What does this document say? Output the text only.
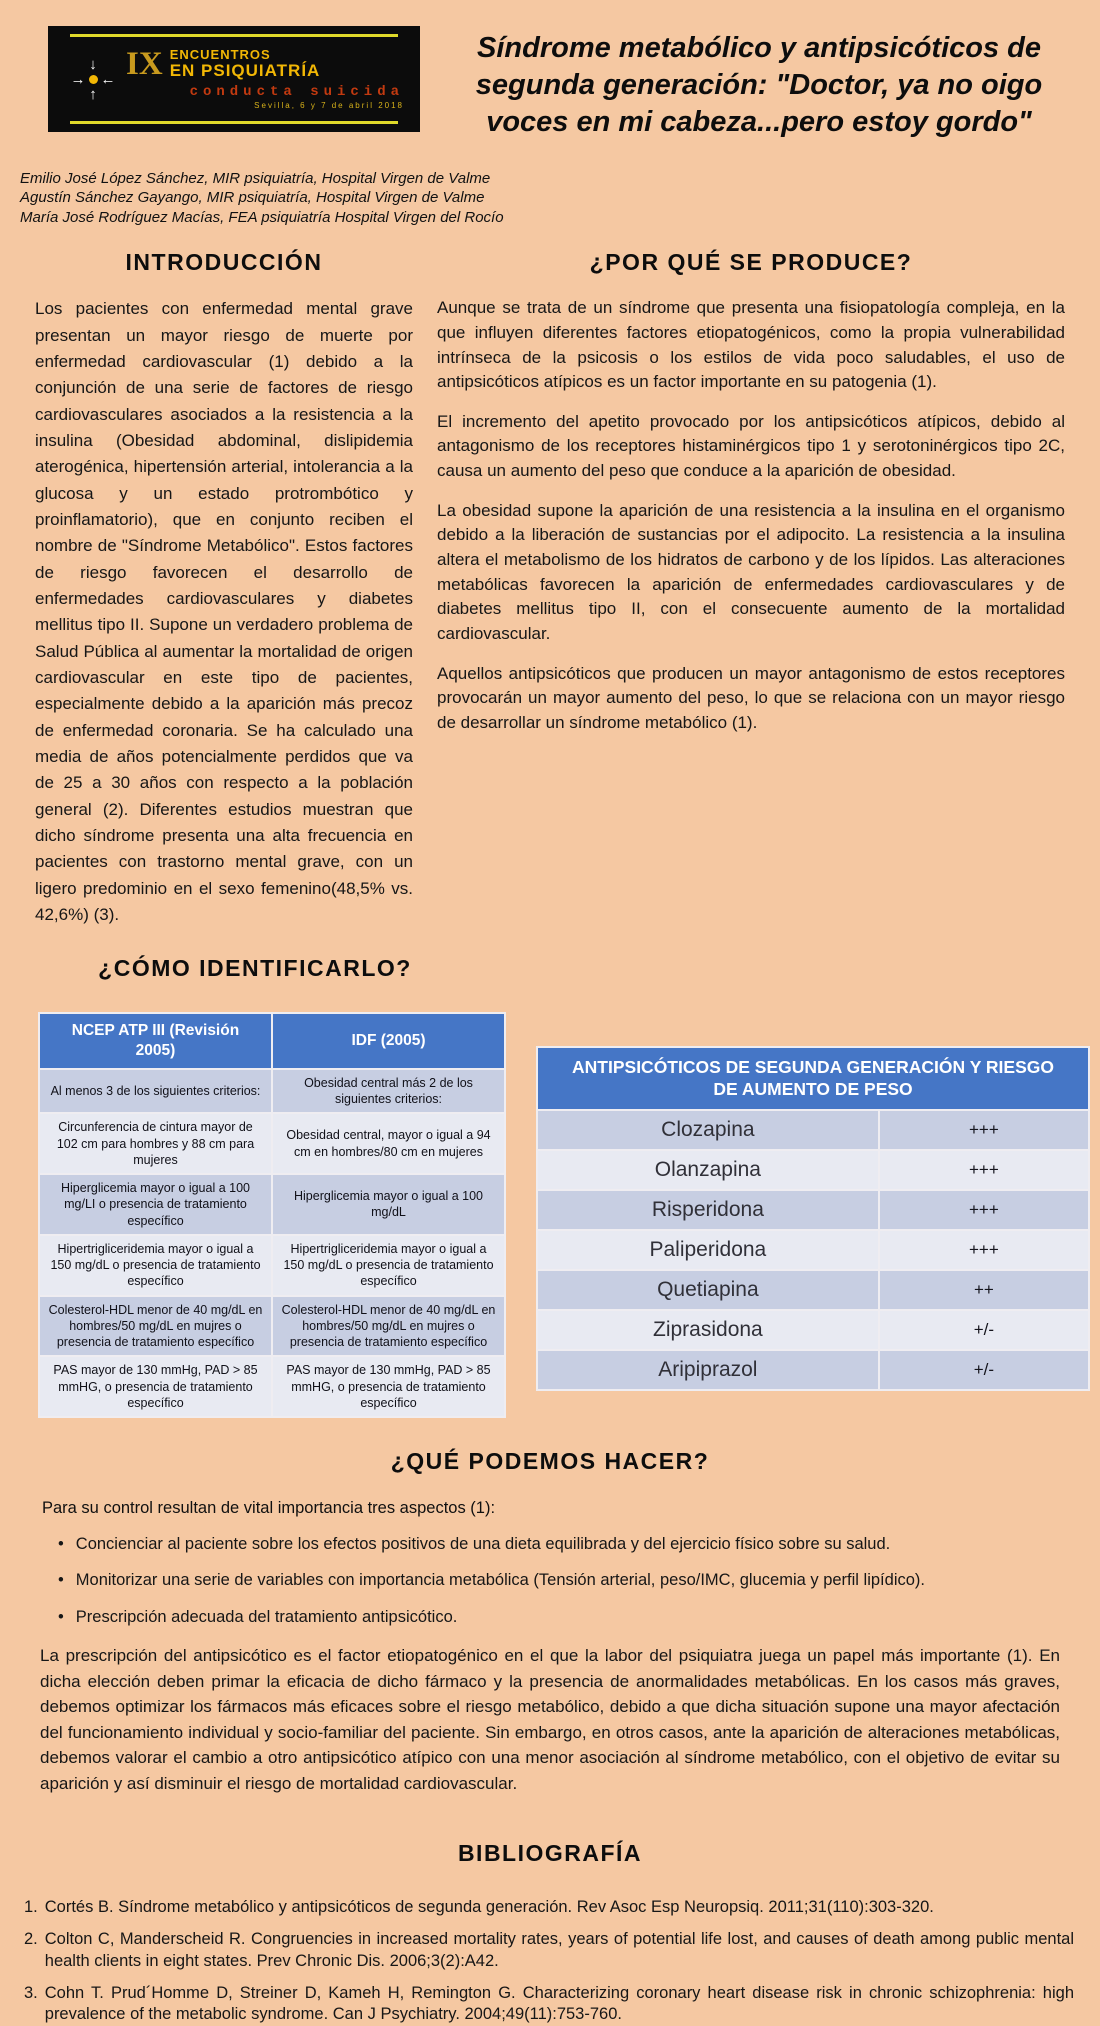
↓
→ ←
↑
IX ENCUENTROS
EN PSIQUIATRÍA
conducta suicida
Sevilla, 6 y 7 de abril 2018
Síndrome metabólico y antipsicóticos de segunda generación: "Doctor, ya no oigo voces en mi cabeza...pero estoy gordo"
Emilio José López Sánchez, MIR psiquiatría, Hospital Virgen de Valme
Agustín Sánchez Gayango, MIR psiquiatría, Hospital Virgen de Valme
María José Rodríguez Macías, FEA psiquiatría Hospital Virgen del Rocío
INTRODUCCIÓN

Los pacientes con enfermedad mental grave presentan un mayor riesgo de muerte por enfermedad cardiovascular (1) debido a la conjunción de una serie de factores de riesgo cardiovasculares asociados a la resistencia a la insulina (Obesidad abdominal, dislipidemia aterogénica, hipertensión arterial, intolerancia a la glucosa y un estado protrombótico y proinflamatorio), que en conjunto reciben el nombre de "Síndrome Metabólico". Estos factores de riesgo favorecen el desarrollo de enfermedades cardiovasculares y diabetes mellitus tipo II. Supone un verdadero problema de Salud Pública al aumentar la mortalidad de origen cardiovascular en este tipo de pacientes, especialmente debido a la aparición más precoz de enfermedad coronaria. Se ha calculado una media de años potencialmente perdidos que va de 25 a 30 años con respecto a la población general (2). Diferentes estudios muestran que dicho síndrome presenta una alta frecuencia en pacientes con trastorno mental grave, con un ligero predominio en el sexo femenino(48,5% vs. 42,6%) (3).

¿POR QUÉ SE PRODUCE?

Aunque se trata de un síndrome que presenta una fisiopatología compleja, en la que influyen diferentes factores etiopatogénicos, como la propia vulnerabilidad intrínseca de la psicosis o los estilos de vida poco saludables, el uso de antipsicóticos atípicos es un factor importante en su patogenia (1).

El incremento del apetito provocado por los antipsicóticos atípicos, debido al antagonismo de los receptores histaminérgicos tipo 1 y serotoninérgicos tipo 2C, causa un aumento del peso que conduce a la aparición de obesidad.

La obesidad supone la aparición de una resistencia a la insulina en el organismo debido a la liberación de sustancias por el adipocito. La resistencia a la insulina altera el metabolismo de los hidratos de carbono y de los lípidos. Las alteraciones metabólicas favorecen la aparición de enfermedades cardiovasculares y de diabetes mellitus tipo II, con el consecuente aumento de la mortalidad cardiovascular.

Aquellos antipsicóticos que producen un mayor antagonismo de estos receptores provocarán un mayor aumento del peso, lo que se relaciona con un mayor riesgo de desarrollar un síndrome metabólico (1).

¿CÓMO IDENTIFICARLO?
NCEP ATP III (Revisión 2005)	IDF (2005)
Al menos 3 de los siguientes criterios:	Obesidad central más 2 de los siguientes criterios:
Circunferencia de cintura mayor de 102 cm para hombres y 88 cm para mujeres	Obesidad central, mayor o igual a 94 cm en hombres/80 cm en mujeres
Hiperglicemia mayor o igual a 100 mg/LI o presencia de tratamiento específico	Hiperglicemia mayor o igual a 100 mg/dL
Hipertrigliceridemia mayor o igual a 150 mg/dL o presencia de tratamiento específico	Hipertrigliceridemia mayor o igual a 150 mg/dL o presencia de tratamiento específico
Colesterol-HDL menor de 40 mg/dL en hombres/50 mg/dL en mujres o presencia de tratamiento específico	Colesterol-HDL menor de 40 mg/dL en hombres/50 mg/dL en mujres o presencia de tratamiento específico
PAS mayor de 130 mmHg, PAD > 85 mmHG, o presencia de tratamiento específico	PAS mayor de 130 mmHg, PAD > 85 mmHG, o presencia de tratamiento específico
ANTIPSICÓTICOS DE SEGUNDA GENERACIÓN Y RIESGO DE AUMENTO DE PESO	
Clozapina	+++
Olanzapina	+++
Risperidona	+++
Paliperidona	+++
Quetiapina	++
Ziprasidona	+/-
Aripiprazol	+/-
¿QUÉ PODEMOS HACER?

Para su control resultan de vital importancia tres aspectos (1):

• Concienciar al paciente sobre los efectos positivos de una dieta equilibrada y del ejercicio físico sobre su salud.
• Monitorizar una serie de variables con importancia metabólica (Tensión arterial, peso/IMC, glucemia y perfil lipídico).
• Prescripción adecuada del tratamiento antipsicótico.

La prescripción del antipsicótico es el factor etiopatogénico en el que la labor del psiquiatra juega un papel más importante (1). En dicha elección deben primar la eficacia de dicho fármaco y la presencia de anormalidades metabólicas. En los casos más graves, debemos optimizar los fármacos más eficaces sobre el riesgo metabólico, debido a que dicha situación supone una mayor afectación del funcionamiento individual y socio-familiar del paciente. Sin embargo, en otros casos, ante la aparición de alteraciones metabólicas, debemos valorar el cambio a otro antipsicótico atípico con una menor asociación al síndrome metabólico, con el objetivo de evitar su aparición y así disminuir el riesgo de mortalidad cardiovascular.

BIBLIOGRAFÍA
1. Cortés B. Síndrome metabólico y antipsicóticos de segunda generación. Rev Asoc Esp Neuropsiq. 2011;31(110):303-320.
2. Colton C, Manderscheid R. Congruencies in increased mortality rates, years of potential life lost, and causes of death among public mental health clients in eight states. Prev Chronic Dis. 2006;3(2):A42.
3. Cohn T. Prud´Homme D, Streiner D, Kameh H, Remington G. Characterizing coronary heart disease risk in chronic schizophrenia: high prevalence of the metabolic syndrome. Can J Psychiatry. 2004;49(11):753-760.
